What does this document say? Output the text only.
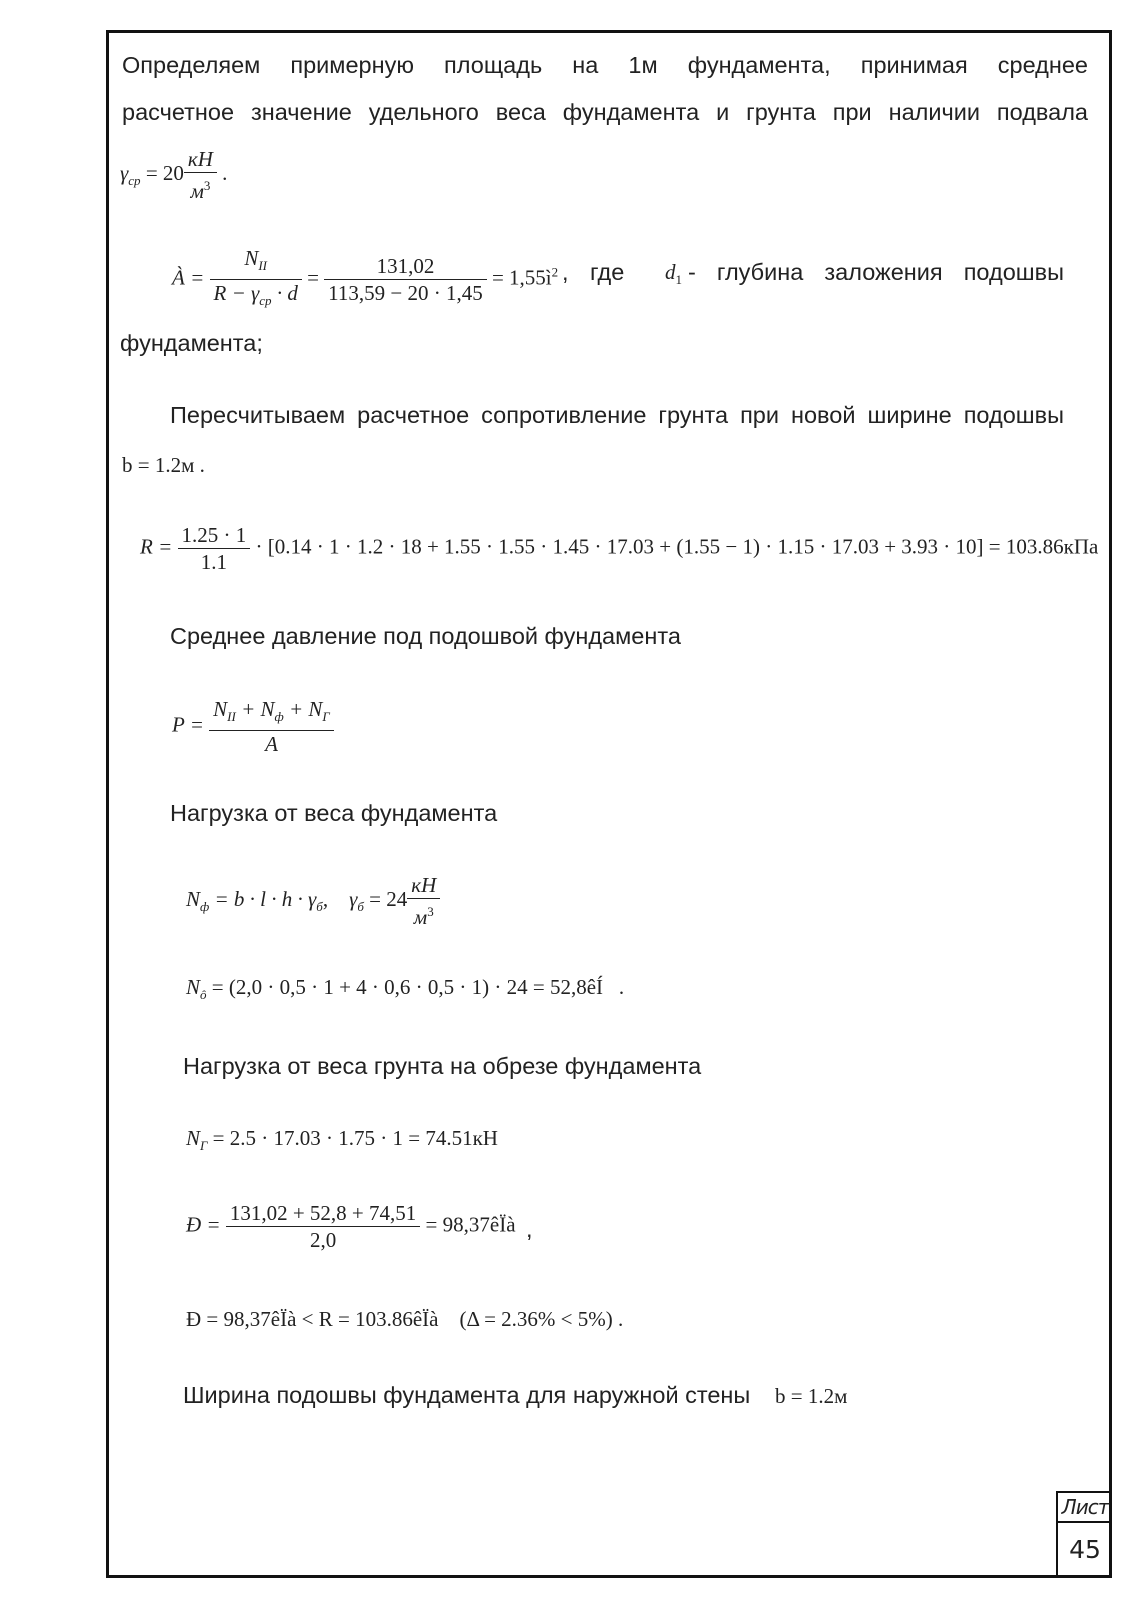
Определяем примерную площадь на 1м фундамента, принимая среднее
расчетное значение удельного веса фундамента и грунта при наличии подвала
$\gamma_{ср} = 20 \frac{кН}{м^3}$ .
À = $\frac{N_{II}}{R - \gamma_{ср} \cdot d} = \frac{131,02}{113,59 - 20 \cdot 1,45}$ = $1,55ì^2$ , где $d_1$ - глубина заложения подошвы
фундамента;
Пересчитываем расчетное сопротивление грунта при новой ширине подошвы
b = 1.2м .
$R = \frac{1.25 \cdot 1}{1.1} \cdot [0.14 \cdot 1 \cdot 1.2 \cdot 18 + 1.55 \cdot 1.55 \cdot 1.45 \cdot 17.03 + (1.55 - 1) \cdot 1.15 \cdot 17.03 + 3.93 \cdot 10] = 103.86кПа$
Среднее давление под подошвой фундамента
$P = \frac{N_{II} + N_ф + N_Г}{A}$
Нагрузка от веса фундамента
$N_ф = b \cdot l \cdot h \cdot \gamma_б$, $\gamma_б = 24 \frac{кН}{м^3}$
$N_ô = (2,0 \cdot 0,5 \cdot 1 + 4 \cdot 0,6 \cdot 0,5 \cdot 1) \cdot 24$ = 52,8êÍ .
Нагрузка от веса грунта на обрезе фундамента
$N_Г = 2.5 \cdot 17.03 \cdot 1.75 \cdot 1 = 74.51кН$
Ð = $\frac{131,02 + 52,8 + 74,51}{2,0}$ = 98,37êÏà ,
Ð = 98,37êÏà < R = 103.86êÏà (Δ = 2.36% < 5%) .
Ширина подошвы фундамента для наружной стены b = 1.2м
Лист
45
